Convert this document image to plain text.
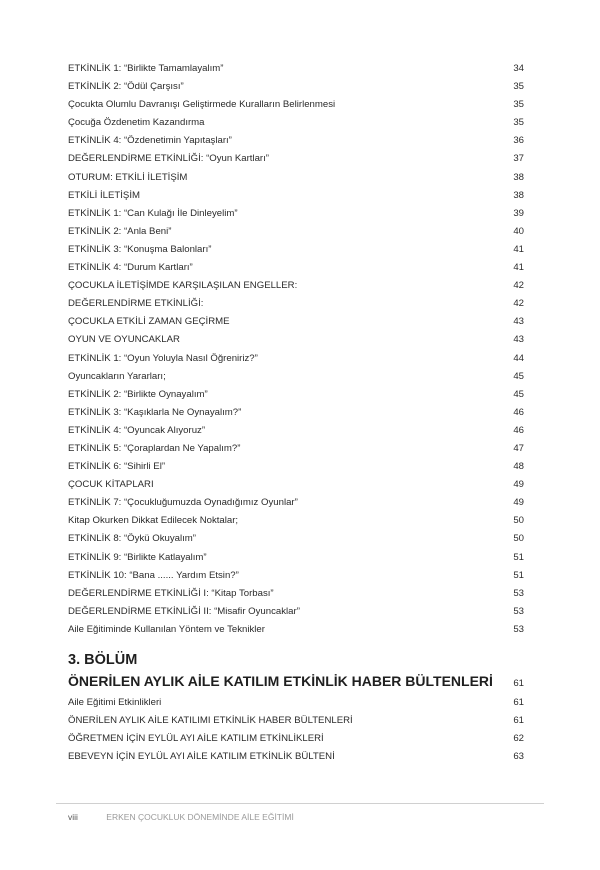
ETKİNLİK 1: “Birlikte Tamamlayalım”	34
ETKİNLİK 2: “Ödül Çarşısı”	35
Çocukta Olumlu Davranışı Geliştirmede Kuralların Belirlenmesi	35
Çocuğa Özdenetim Kazandırma	35
ETKİNLİK 4: “Özdenetimin Yapıtaşları”	36
DEĞERLENDİRME ETKİNLİĞİ: “Oyun Kartları”	37
OTURUM: ETKİLİ İLETİŞİM	38
ETKİLİ İLETİŞİM	38
ETKİNLİK 1: “Can Kulağı İle Dinleyelim”	39
ETKİNLİK 2: “Anla Beni”	40
ETKİNLİK 3: “Konuşma Balonları”	41
ETKİNLİK 4: “Durum Kartları”	41
ÇOCUKLA İLETİŞİMDE KARŞILAŞILAN ENGELLER:	42
DEĞERLENDİRME ETKİNLİĞİ:	42
ÇOCUKLA ETKİLİ ZAMAN GEÇİRME	43
OYUN VE OYUNCAKLAR	43
ETKİNLİK 1: “Oyun Yoluyla Nasıl Öğreniriz?”	44
Oyuncakların Yararları;	45
ETKİNLİK 2: “Birlikte Oynayalım”	45
ETKİNLİK 3: “Kaşıklarla Ne Oynayalım?”	46
ETKİNLİK 4: “Oyuncak Alıyoruz”	46
ETKİNLİK 5: “Çoraplardan Ne Yapalım?”	47
ETKİNLİK 6: “Sihirli El”	48
ÇOCUK KİTAPLARI	49
ETKİNLİK 7: “Çocukluğumuzda Oynadığımız Oyunlar”	49
Kitap Okurken Dikkat Edilecek Noktalar;	50
ETKİNLİK 8: “Öykü Okuyalım”	50
ETKİNLİK 9: “Birlikte Katlayalım”	51
ETKİNLİK 10: “Bana ...... Yardım Etsin?”	51
DEĞERLENDİRME ETKİNLİĞİ I: “Kitap Torbası”	53
DEĞERLENDİRME ETKİNLİĞİ II: “Misafir Oyuncaklar”	53
Aile Eğitiminde Kullanılan Yöntem ve Teknikler	53
3. BÖLÜM
ÖNERİLEN AYLIK AİLE KATILIM ETKİNLİK HABER BÜLTENLERİ 61
Aile Eğitimi Etkinlikleri	61
ÖNERİLEN AYLIK AİLE KATILIMI ETKİNLİK HABER BÜLTENLERİ	61
ÖĞRETMEN İÇİN EYLÜL AYI AİLE KATILIM ETKİNLİKLERİ	62
EBEVEYN İÇİN EYLÜL AYI AİLE KATILIM ETKİNLİK BÜLTENİ	63
viii	ERKEN ÇOCUKLUK DÖNEMİNDE AİLE EĞİTİMİ
